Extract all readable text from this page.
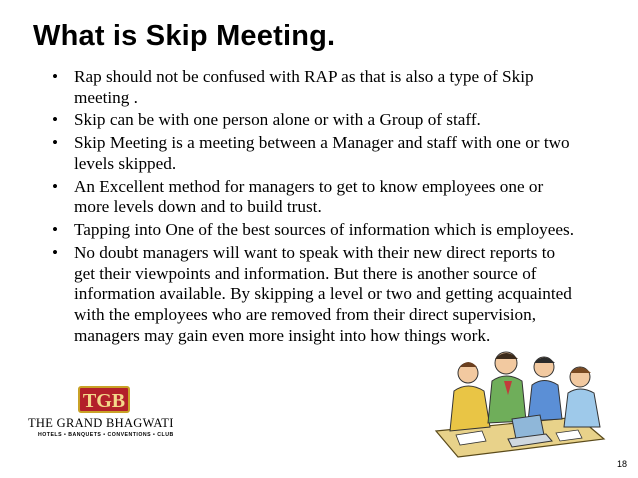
What is Skip Meeting.
• Rap should not be confused with RAP as that is also a type of Skip meeting .
• Skip can be with one person alone or with a Group of staff.
• Skip Meeting is a meeting between a Manager and staff with one or two levels skipped.
• An Excellent method for managers to get to know employees one or more levels down and to build trust.
• Tapping into One of the best sources of information which is employees.
• No doubt managers will want to speak with their new direct reports to get their viewpoints and information. But there is another source of information available. By skipping a level or two and getting acquainted with the employees who are removed from their direct supervision, managers may gain even more insight into how things work.
TGB
THE GRAND BHAGWATI
HOTELS • BANQUETS • CONVENTIONS • CLUB
18
